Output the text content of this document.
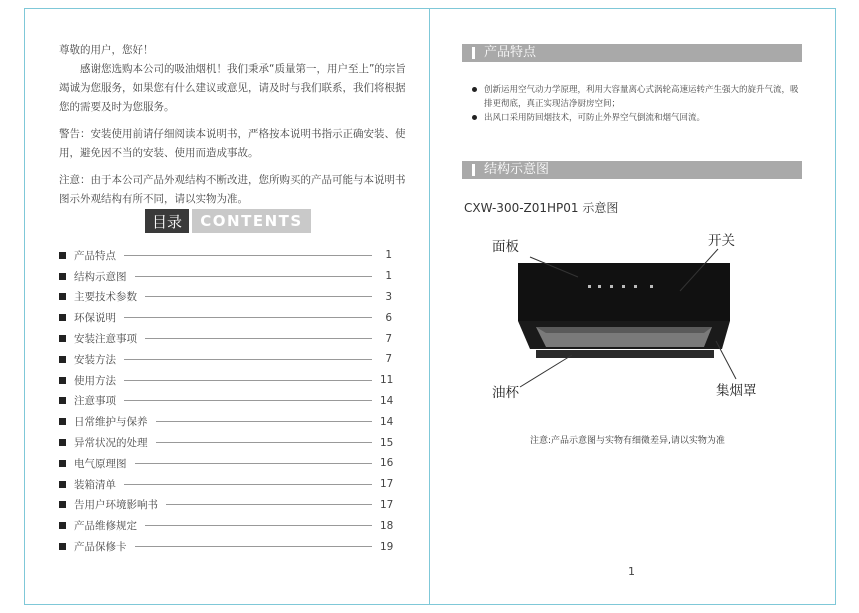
尊敬的用户，您好！

感谢您选购本公司的吸油烟机！我们秉承“质量第一，用户至上”的宗旨竭诚为您服务，如果您有什么建议或意见，请及时与我们联系，我们将根据您的需要及时为您服务。

警告：安装使用前请仔细阅读本说明书，严格按本说明书指示正确安装、使用，避免因不当的安装、使用而造成事故。

注意：由于本公司产品外观结构不断改进，您所购买的产品可能与本说明书图示外观结构有所不同，请以实物为准。

目录	CONTENTS
产品特点	1
结构示意图	1
主要技术参数	3
环保说明	6
安装注意事项	7
安装方法	7
使用方法	11
注意事项	14
日常维护与保养	14
异常状况的处理	15
电气原理图	16
装箱清单	17
告用户环境影响书	17
产品维修规定	18
产品保修卡	19
产品特点
创新运用空气动力学原理，利用大容量离心式涡轮高速运转产生强大的旋升气流，吸排更彻底，真正实现洁净厨房空间；
出风口采用防回烟技术，可防止外界空气倒流和烟气回流。
结构示意图
CXW-300-Z01HP01 示意图
面板	开关
油杯	集烟罩
注意:产品示意图与实物有细微差异,请以实物为准
1
